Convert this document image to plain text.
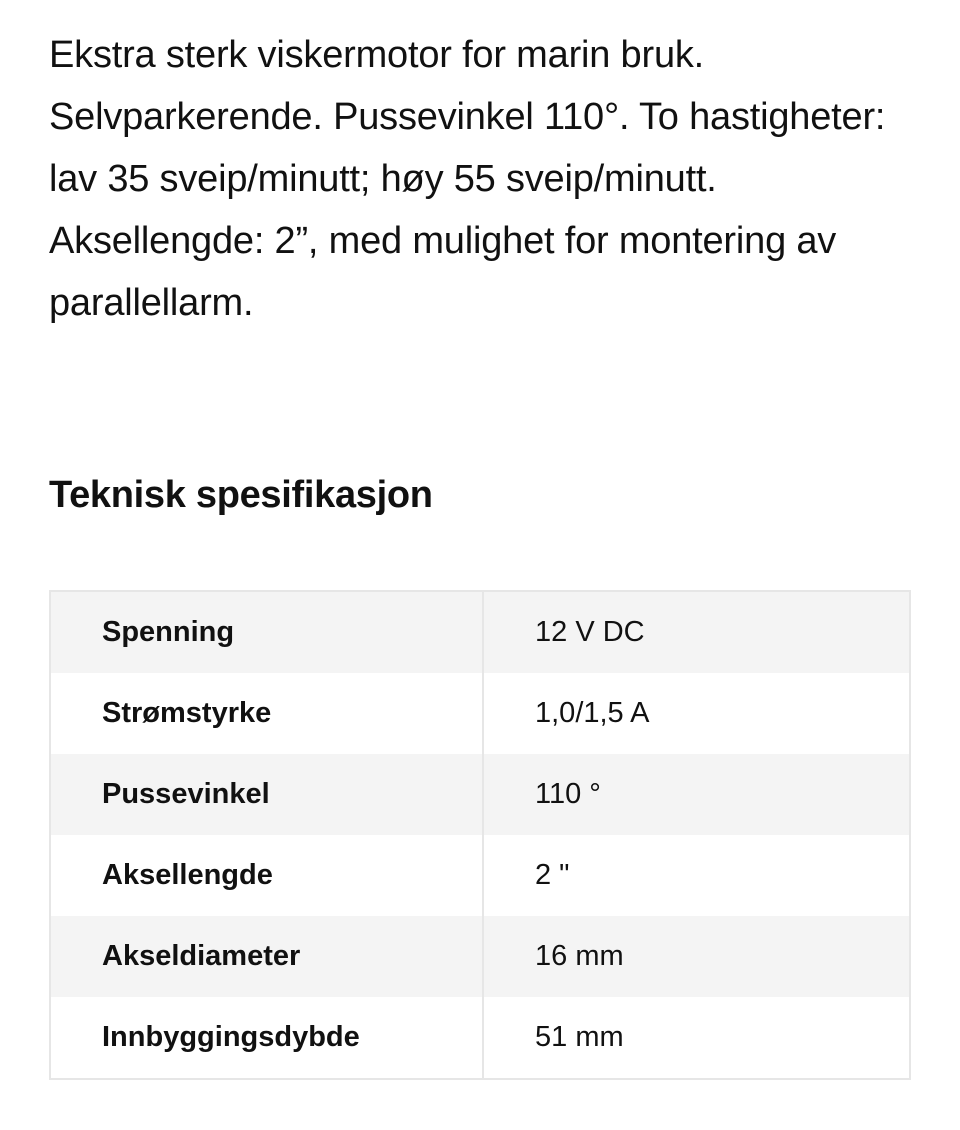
Ekstra sterk viskermotor for marin bruk. Selvparkerende. Pussevinkel 110°. To hastigheter: lav 35 sveip/minutt; høy 55 sveip/minutt. Aksellengde: 2”, med mulighet for montering av parallellarm.

Teknisk spesifikasjon
Spenning	12 V DC
Strømstyrke	1,0/1,5 A
Pussevinkel	110 °
Aksellengde	2 "
Akseldiameter	16 mm
Innbyggingsdybde	51 mm
